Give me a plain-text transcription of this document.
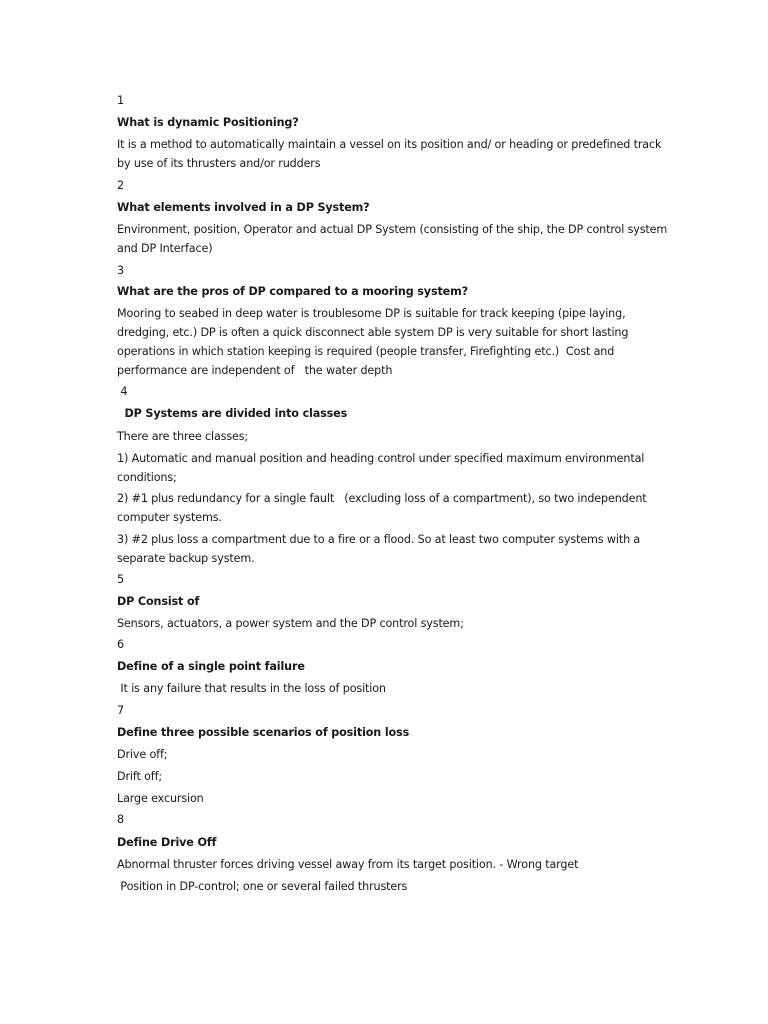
1
What is dynamic Positioning?
It is a method to automatically maintain a vessel on its position and/ or heading or predefined track
by use of its thrusters and/or rudders
2
What elements involved in a DP System?
Environment, position, Operator and actual DP System (consisting of the ship, the DP control system
and DP Interface)
3
What are the pros of DP compared to a mooring system?
Mooring to seabed in deep water is troublesome DP is suitable for track keeping (pipe laying,
dredging, etc.) DP is often a quick disconnect able system DP is very suitable for short lasting
operations in which station keeping is required (people transfer, Firefighting etc.)  Cost and
performance are independent of   the water depth
4
DP Systems are divided into classes
There are three classes;
1) Automatic and manual position and heading control under specified maximum environmental
conditions;
2) #1 plus redundancy for a single fault   (excluding loss of a compartment), so two independent
computer systems.
3) #2 plus loss a compartment due to a fire or a flood. So at least two computer systems with a
separate backup system.
5
DP Consist of
Sensors, actuators, a power system and the DP control system;
6
Define of a single point failure
It is any failure that results in the loss of position
7
Define three possible scenarios of position loss
Drive off;
Drift off;
Large excursion
8
Define Drive Off
Abnormal thruster forces driving vessel away from its target position. - Wrong target
Position in DP-control; one or several failed thrusters
